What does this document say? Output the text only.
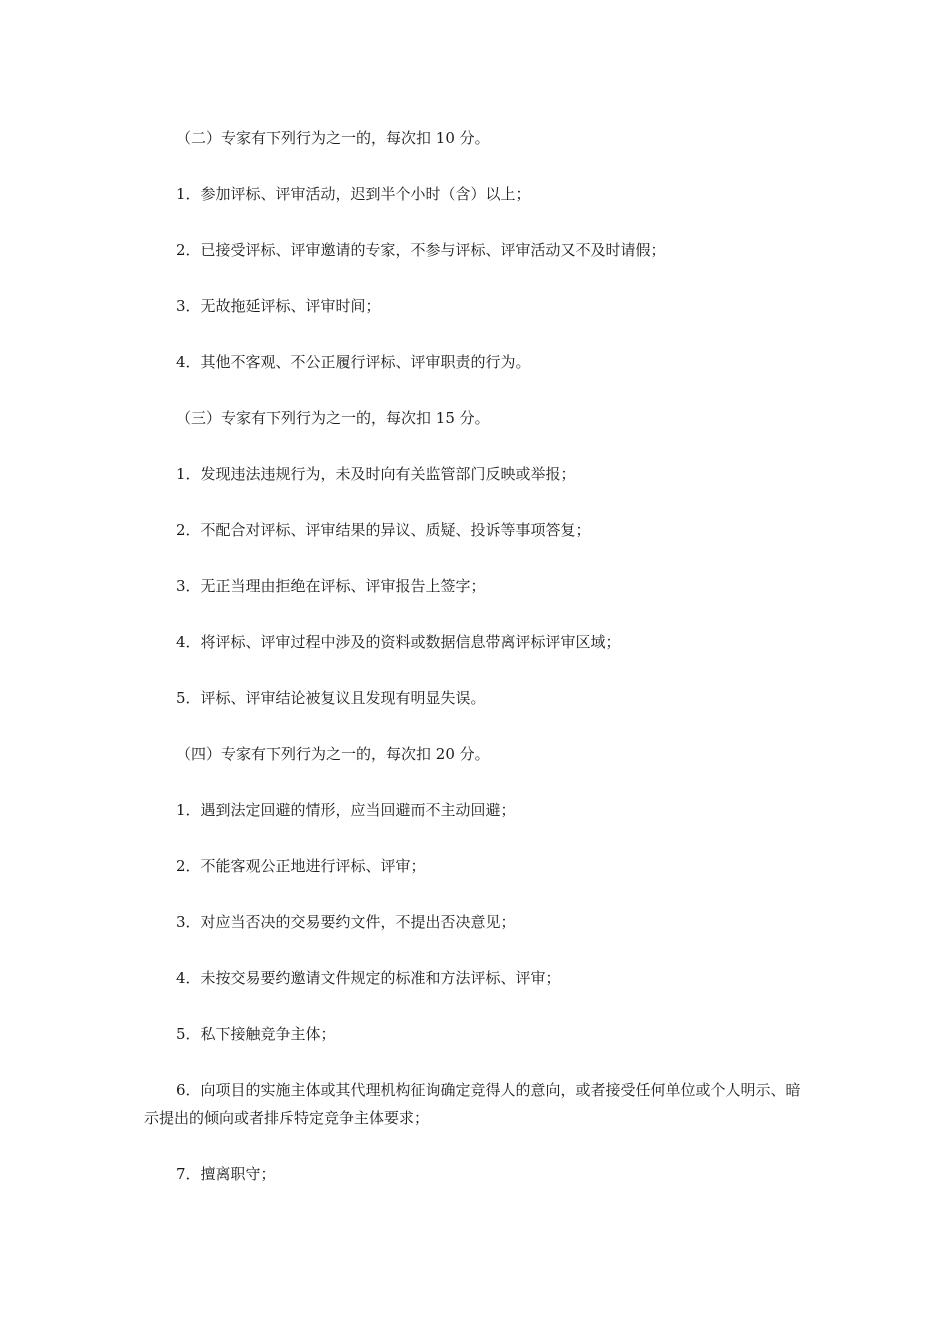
（二）专家有下列行为之一的，每次扣 10 分。

1．参加评标、评审活动，迟到半个小时（含）以上；

2．已接受评标、评审邀请的专家，不参与评标、评审活动又不及时请假；

3．无故拖延评标、评审时间；

4．其他不客观、不公正履行评标、评审职责的行为。

（三）专家有下列行为之一的，每次扣 15 分。

1．发现违法违规行为，未及时向有关监管部门反映或举报；

2．不配合对评标、评审结果的异议、质疑、投诉等事项答复；

3．无正当理由拒绝在评标、评审报告上签字；

4．将评标、评审过程中涉及的资料或数据信息带离评标评审区域；

5．评标、评审结论被复议且发现有明显失误。

（四）专家有下列行为之一的，每次扣 20 分。

1．遇到法定回避的情形，应当回避而不主动回避；

2．不能客观公正地进行评标、评审；

3．对应当否决的交易要约文件，不提出否决意见；

4．未按交易要约邀请文件规定的标准和方法评标、评审；

5．私下接触竞争主体；

6．向项目的实施主体或其代理机构征询确定竞得人的意向，或者接受任何单位或个人明示、暗示提出的倾向或者排斥特定竞争主体要求；

7．擅离职守；
